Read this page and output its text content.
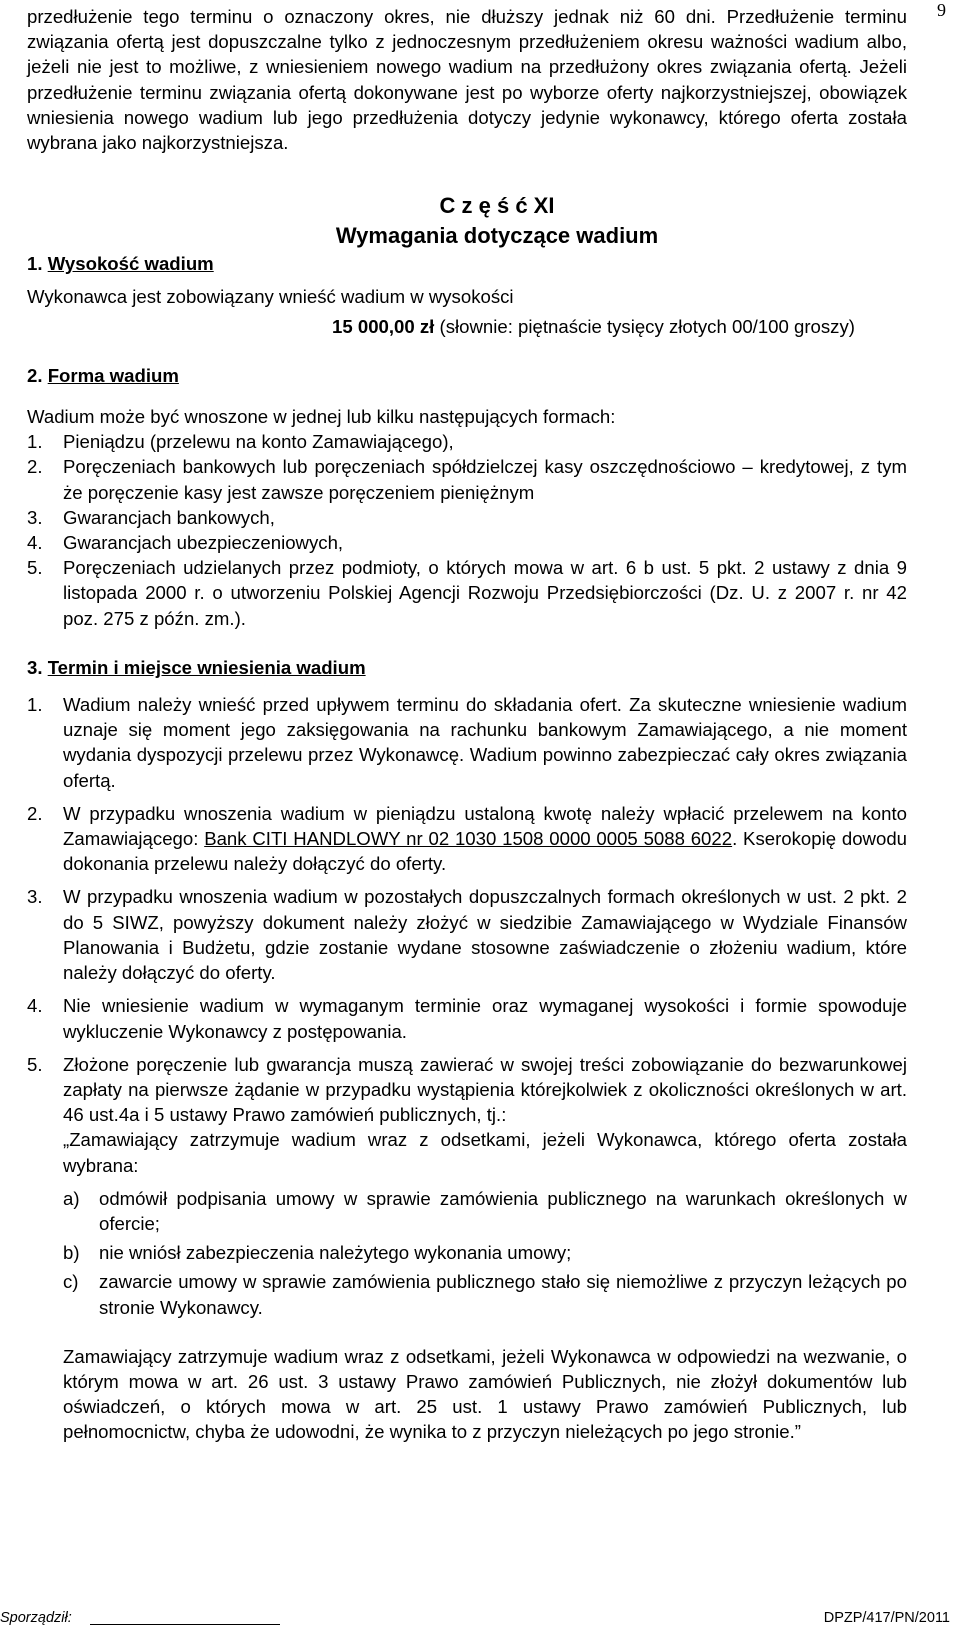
9

przedłużenie tego terminu o oznaczony okres, nie dłuższy jednak niż 60 dni. Przedłużenie terminu związania ofertą jest dopuszczalne tylko z jednoczesnym przedłużeniem okresu ważności wadium albo, jeżeli nie jest to możliwe, z wniesieniem nowego wadium na przedłużony okres związania ofertą. Jeżeli przedłużenie terminu związania ofertą dokonywane jest po wyborze oferty najkorzystniejszej, obowiązek wniesienia nowego wadium lub jego przedłużenia dotyczy jedynie wykonawcy, którego oferta została wybrana jako najkorzystniejsza.

C z ę ś ć XI

Wymagania dotyczące wadium

1. Wysokość wadium

Wykonawca jest zobowiązany wnieść wadium w wysokości

15 000,00 zł (słownie: piętnaście tysięcy złotych 00/100 groszy)

2. Forma wadium

Wadium może być wnoszone w jednej lub kilku następujących formach:

1.	Pieniądzu (przelewu na konto Zamawiającego),
2.	Poręczeniach bankowych lub poręczeniach spółdzielczej kasy oszczędnościowo – kredytowej, z tym że poręczenie kasy jest zawsze poręczeniem pieniężnym
3.	Gwarancjach bankowych,
4.	Gwarancjach ubezpieczeniowych,
5.	Poręczeniach udzielanych przez podmioty, o których mowa w art. 6 b ust. 5 pkt. 2 ustawy z dnia 9 listopada 2000 r. o utworzeniu Polskiej Agencji Rozwoju Przedsiębiorczości (Dz. U. z 2007 r. nr 42 poz. 275 z późn. zm.).

3. Termin i miejsce wniesienia wadium

1.	Wadium należy wnieść przed upływem terminu do składania ofert. Za skuteczne wniesienie wadium uznaje się moment jego zaksięgowania na rachunku bankowym Zamawiającego, a nie moment wydania dyspozycji przelewu przez Wykonawcę. Wadium powinno zabezpieczać cały okres związania ofertą.
2.	W przypadku wnoszenia wadium w pieniądzu ustaloną kwotę należy wpłacić przelewem na konto Zamawiającego: Bank CITI HANDLOWY nr 02 1030 1508 0000 0005 5088 6022. Kserokopię dowodu dokonania przelewu należy dołączyć do oferty.
3.	W przypadku wnoszenia wadium w pozostałych dopuszczalnych formach określonych w ust. 2 pkt. 2 do 5 SIWZ, powyższy dokument należy złożyć w siedzibie Zamawiającego w Wydziale Finansów Planowania i Budżetu, gdzie zostanie wydane stosowne zaświadczenie o złożeniu wadium, które należy dołączyć do oferty.
4.	Nie wniesienie wadium w wymaganym terminie oraz wymaganej wysokości i formie spowoduje wykluczenie Wykonawcy z postępowania.
5.	Złożone poręczenie lub gwarancja muszą zawierać w swojej treści zobowiązanie do bezwarunkowej zapłaty na pierwsze żądanie w przypadku wystąpienia którejkolwiek z okoliczności określonych w art. 46 ust.4a i 5 ustawy Prawo zamówień publicznych, tj.:

„Zamawiający zatrzymuje wadium wraz z odsetkami, jeżeli Wykonawca, którego oferta została wybrana:

a)	odmówił podpisania umowy w sprawie zamówienia publicznego na warunkach określonych w ofercie;
b)	nie wniósł zabezpieczenia należytego wykonania umowy;
c)	zawarcie umowy w sprawie zamówienia publicznego stało się niemożliwe z przyczyn leżących po stronie Wykonawcy.

Zamawiający zatrzymuje wadium wraz z odsetkami, jeżeli Wykonawca w odpowiedzi na wezwanie, o którym mowa w art. 26 ust. 3 ustawy Prawo zamówień Publicznych, nie złożył dokumentów lub oświadczeń, o których mowa w art. 25 ust. 1 ustawy Prawo zamówień Publicznych, lub pełnomocnictw, chyba że udowodni, że wynika to z przyczyn nieleżących po jego stronie.”

Sporządził:	DPZP/417/PN/2011
